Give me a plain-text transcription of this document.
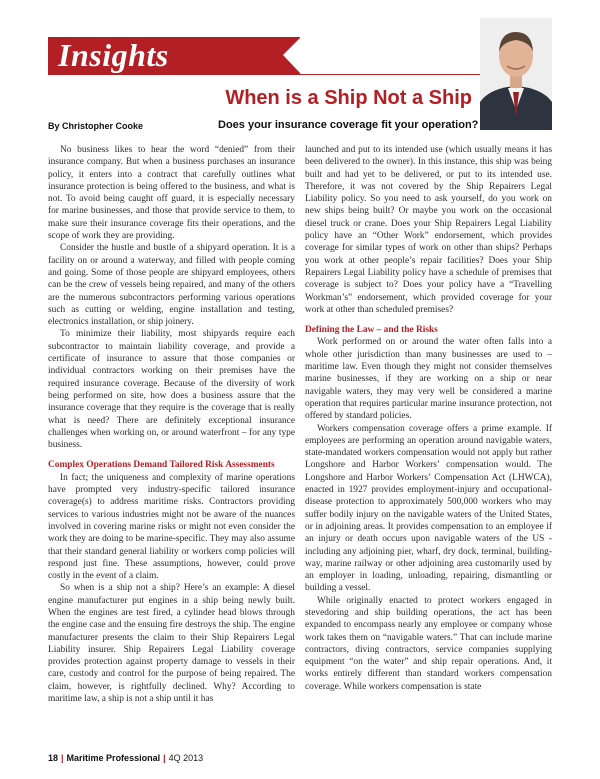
Insights
When is a Ship Not a Ship
By Christopher Cooke	Does your insurance coverage fit your operation?

No business likes to hear the word “denied” from their insurance company. But when a business purchases an insurance policy, it enters into a contract that carefully outlines what insurance protection is being offered to the business, and what is not. To avoid being caught off guard, it is especially necessary for marine businesses, and those that provide service to them, to make sure their insurance coverage fits their operations, and the scope of work they are providing.

Consider the hustle and bustle of a shipyard operation. It is a facility on or around a waterway, and filled with people coming and going. Some of those people are shipyard employees, others can be the crew of vessels being repaired, and many of the others are the numerous subcontractors performing various operations such as cutting or welding, engine installation and testing, electronics installation, or ship joinery.

To minimize their liability, most shipyards require each subcontractor to maintain liability coverage, and provide a certificate of insurance to assure that those companies or individual contractors working on their premises have the required insurance coverage. Because of the diversity of work being performed on site, how does a business assure that the insurance coverage that they require is the coverage that is really what is need? There are definitely exceptional insurance challenges when working on, or around waterfront – for any type business.

Complex Operations Demand Tailored Risk Assessments

In fact; the uniqueness and complexity of marine operations have prompted very industry-specific tailored insurance coverage(s) to address maritime risks. Contractors providing services to various industries might not be aware of the nuances involved in covering marine risks or might not even consider the work they are doing to be marine-specific. They may also assume that their standard general liability or workers comp policies will respond just fine. These assumptions, however, could prove costly in the event of a claim.

So when is a ship not a ship? Here’s an example: A diesel engine manufacturer put engines in a ship being newly built. When the engines are test fired, a cylinder head blows through the engine case and the ensuing fire destroys the ship. The engine manufacturer presents the claim to their Ship Repairers Legal Liability insurer. Ship Repairers Legal Liability coverage provides protection against property damage to vessels in their care, custody and control for the purpose of being repaired. The claim, however, is rightfully declined. Why? According to maritime law, a ship is not a ship until it has

launched and put to its intended use (which usually means it has been delivered to the owner). In this instance, this ship was being built and had yet to be delivered, or put to its intended use. Therefore, it was not covered by the Ship Repairers Legal Liability policy. So you need to ask yourself, do you work on new ships being built? Or maybe you work on the occasional diesel truck or crane. Does your Ship Repairers Legal Liability policy have an “Other Work” endorsement, which provides coverage for similar types of work on other than ships? Perhaps you work at other people’s repair facilities? Does your Ship Repairers Legal Liability policy have a schedule of premises that coverage is subject to? Does your policy have a “Travelling Workman’s” endorsement, which provided coverage for your work at other than scheduled premises?

Defining the Law – and the Risks

Work performed on or around the water often falls into a whole other jurisdiction than many businesses are used to – maritime law. Even though they might not consider themselves marine businesses, if they are working on a ship or near navigable waters, they may very well be considered a marine operation that requires particular marine insurance protection, not offered by standard policies.

Workers compensation coverage offers a prime example. If employees are performing an operation around navigable waters, state-mandated workers compensation would not apply but rather Longshore and Harbor Workers’ compensation would. The Longshore and Harbor Workers’ Compensation Act (LHWCA), enacted in 1927 provides employment-injury and occupational-disease protection to approximately 500,000 workers who may suffer bodily injury on the navigable waters of the United States, or in adjoining areas. It provides compensation to an employee if an injury or death occurs upon navigable waters of the US - including any adjoining pier, wharf, dry dock, terminal, building-way, marine railway or other adjoining area customarily used by an employer in loading, unloading, repairing, dismantling or building a vessel.

While originally enacted to protect workers engaged in stevedoring and ship building operations, the act has been expanded to encompass nearly any employee or company whose work takes them on “navigable waters.” That can include marine contractors, diving contractors, service companies supplying equipment “on the water” and ship repair operations. And, it works entirely different than standard workers compensation coverage. While workers compensation is state

18 | Maritime Professional | 4Q 2013
